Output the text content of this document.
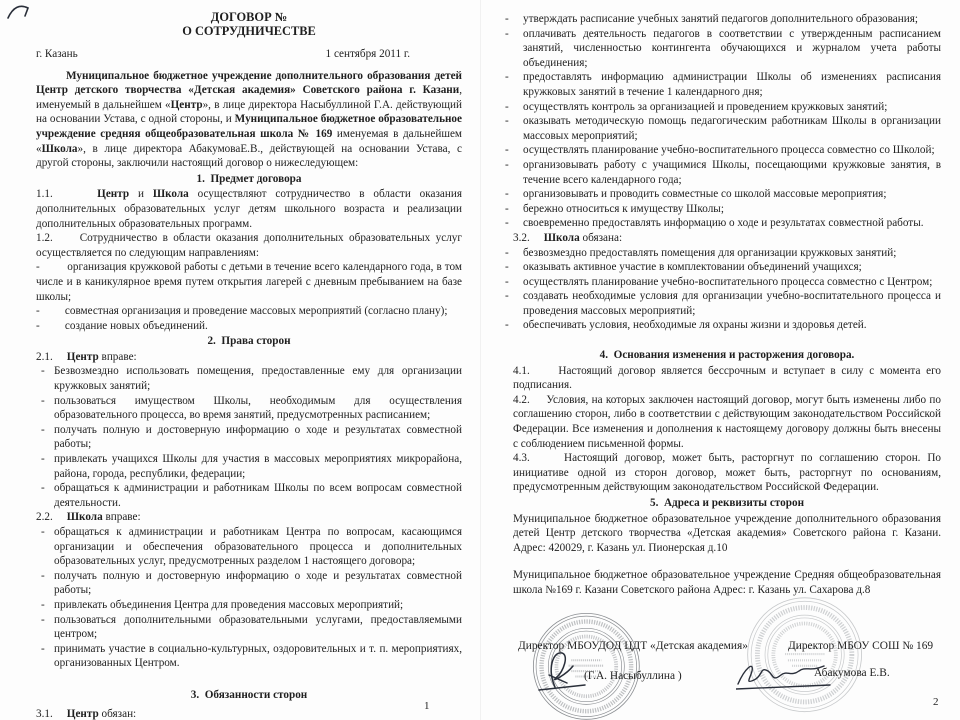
ДОГОВОР №
О СОТРУДНИЧЕСТВЕ
г. Казань	1 сентября 2011 г.
Муниципальное бюджетное учреждение дополнительного образования детей Центр детского творчества «Детская академия» Советского района г. Казани, именуемый в дальнейшем «Центр», в лице директора Насыбуллиной Г.А. действующий на основании Устава, с одной стороны, и Муниципальное бюджетное образовательное учреждение средняя общеобразовательная школа № 169 именуемая в дальнейшем «Школа», в лице директора АбакумоваЕ.В., действующей на основании Устава, с другой стороны, заключили настоящий договор о нижеследующем:
1.  Предмет договора
1.1.     Центр и Школа осуществляют сотрудничество в области оказания дополнительных образовательных услуг детям школьного возраста и реализации дополнительных образовательных программ.
1.2.     Сотрудничество в области оказания дополнительных образовательных услуг осуществляется по следующим направлениям:
-         организация кружковой работы с детьми в течение всего календарного года, в том числе и в каникулярное время путем открытия лагерей с дневным пребыванием на базе школы;
-         совместная организация и проведение массовых мероприятий (согласно плану);
-         создание новых объединений.
2.  Права сторон
2.1.     Центр вправе:
- Безвозмездно использовать помещения, предоставленные ему для организации кружковых занятий;
- пользоваться имуществом Школы, необходимым для осуществления образовательного процесса, во время занятий, предусмотренных расписанием;
- получать полную и достоверную информацию о ходе и результатах совместной работы;
- привлекать учащихся Школы для участия в массовых мероприятиях микрорайона, района, города, республики, федерации;
- обращаться к администрации и работникам Школы по всем вопросам совместной деятельности.
2.2.     Школа вправе:
- обращаться к администрации и работникам Центра по вопросам, касающимся организации и обеспечения образовательного процесса и дополнительных образовательных услуг, предусмотренных разделом 1 настоящего договора;
- получать полную и достоверную информацию о ходе и результатах совместной работы;
- привлекать объединения Центра для проведения массовых мероприятий;
- пользоваться дополнительными образовательными услугами, предоставляемыми центром;
- принимать участие в социально-культурных, оздоровительных и т. п. мероприятиях, организованных Центром.
3.  Обязанности сторон
3.1.     Центр обязан:
1
- утверждать расписание учебных занятий педагогов дополнительного образования;
- оплачивать деятельность педагогов в соответствии с утвержденным расписанием занятий, численностью контингента обучающихся и журналом учета работы объединения;
- предоставлять информацию администрации Школы об изменениях расписания кружковых занятий в течение 1 календарного дня;
- осуществлять контроль за организацией и проведением кружковых занятий;
- оказывать методическую помощь педагогическим работникам Школы в организации массовых мероприятий;
- осуществлять планирование учебно-воспитательного процесса совместно со Школой;
- организовывать работу с учащимися Школы, посещающими кружковые занятия, в течение всего календарного года;
- организовывать и проводить совместные со школой массовые мероприятия;
- бережно относиться к имуществу Школы;
- своевременно предоставлять информацию о ходе и результатах совместной работы.
3.2.     Школа обязана:
- безвозмездно предоставлять помещения для организации кружковых занятий;
- оказывать активное участие в комплектовании объединений учащихся;
- осуществлять планирование учебно-воспитательного процесса совместно с Центром;
- создавать необходимые условия для организации учебно-воспитательного процесса и проведения массовых мероприятий;
- обеспечивать условия, необходимые ля охраны жизни и здоровья детей.
4.  Основания изменения и расторжения договора.
4.1.     Настоящий договор является бессрочным и вступает в силу с момента его подписания.
4.2.     Условия, на которых заключен настоящий договор, могут быть изменены либо по соглашению сторон, либо в соответствии с действующим законодательством Российской Федерации. Все изменения и дополнения к настоящему договору должны быть внесены с соблюдением письменной формы.
4.3.     Настоящий договор, может быть, расторгнут по соглашению сторон. По инициативе одной из сторон договор, может быть, расторгнут по основаниям, предусмотренным действующим законодательством Российской Федерации.
5.  Адреса и реквизиты сторон
Муниципальное бюджетное образовательное учреждение дополнительного образования детей Центр детского творчества «Детская академия» Советского района г. Казани. Адрес: 420029, г. Казань ул. Пионерская д.10
Муниципальное бюджетное образовательное учреждение Средняя общеобразовательная школа №169 г. Казани Советского района Адрес: г. Казань ул. Сахарова д.8
Директор МБОУДОД ЦДТ «Детская академия»	Директор МБОУ СОШ № 169
(Г.А. Насыбуллина )	Абакумова Е.В.
2
